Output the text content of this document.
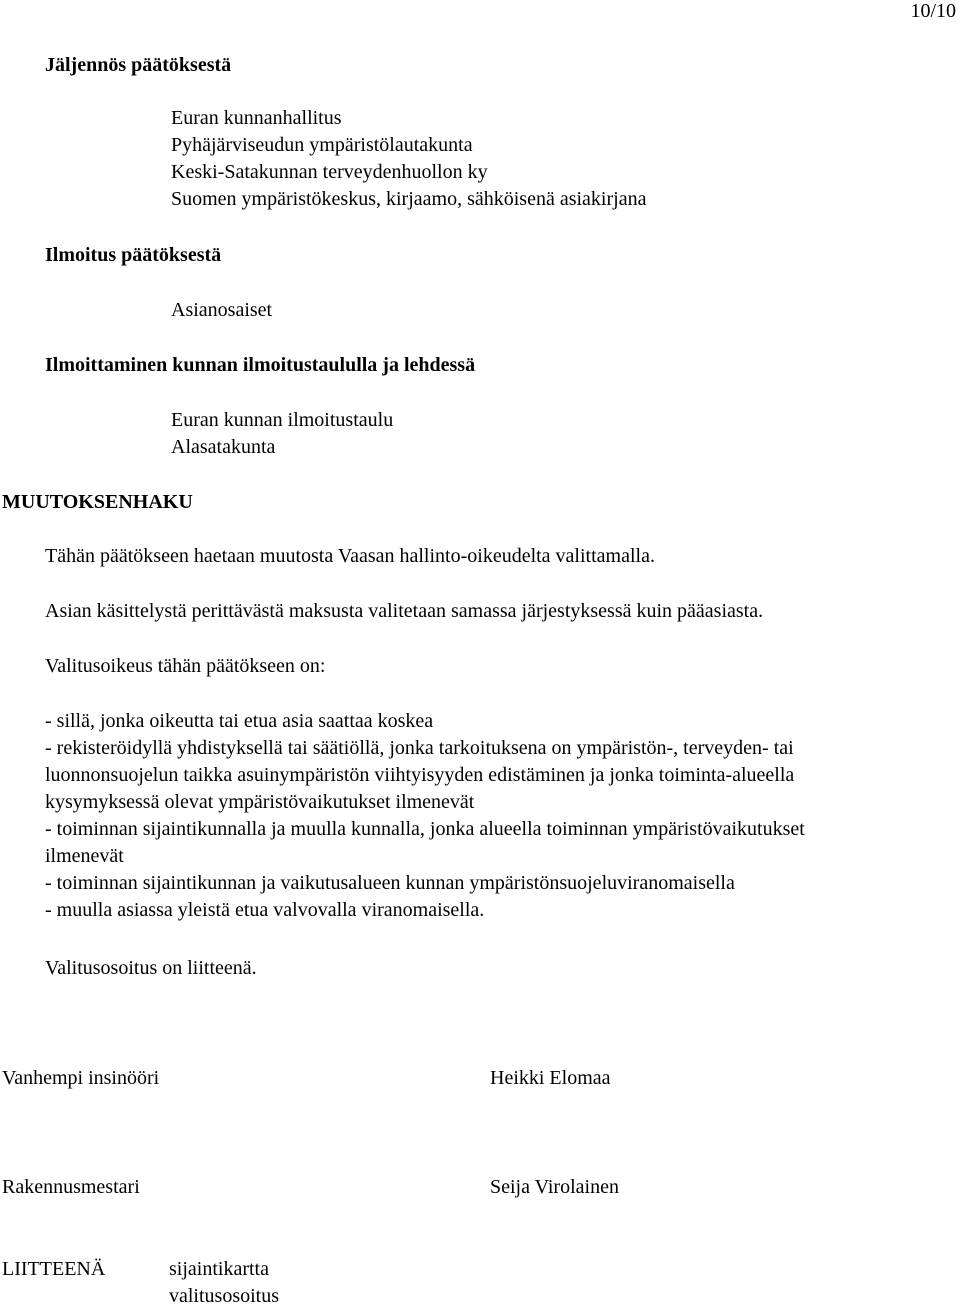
10/10
Jäljennös päätöksestä
Euran kunnanhallitus
Pyhäjärviseudun ympäristölautakunta
Keski-Satakunnan terveydenhuollon ky
Suomen ympäristökeskus, kirjaamo, sähköisenä asiakirjana
Ilmoitus päätöksestä
Asianosaiset
Ilmoittaminen kunnan ilmoitustaululla ja lehdessä
Euran kunnan ilmoitustaulu
Alasatakunta
MUUTOKSENHAKU
Tähän päätökseen haetaan muutosta Vaasan hallinto-oikeudelta valittamalla.
Asian käsittelystä perittävästä maksusta valitetaan samassa järjestyksessä kuin pääasiasta.
Valitusoikeus tähän päätökseen on:
- sillä, jonka oikeutta tai etua asia saattaa koskea
- rekisteröidyllä yhdistyksellä tai säätiöllä, jonka tarkoituksena on ympäristön-, terveyden- tai
luonnonsuojelun taikka asuinympäristön viihtyisyyden edistäminen ja jonka toiminta-alueella
kysymyksessä olevat ympäristövaikutukset ilmenevät
- toiminnan sijaintikunnalla ja muulla kunnalla, jonka alueella toiminnan ympäristövaikutukset
ilmenevät
- toiminnan sijaintikunnan ja vaikutusalueen kunnan ympäristönsuojeluviranomaisella
- muulla asiassa yleistä etua valvovalla viranomaisella.
Valitusosoitus on liitteenä.
Vanhempi insinööri	Heikki Elomaa
Rakennusmestari	Seija Virolainen
LIITTEENÄ	sijaintikartta
valitusosoitus
